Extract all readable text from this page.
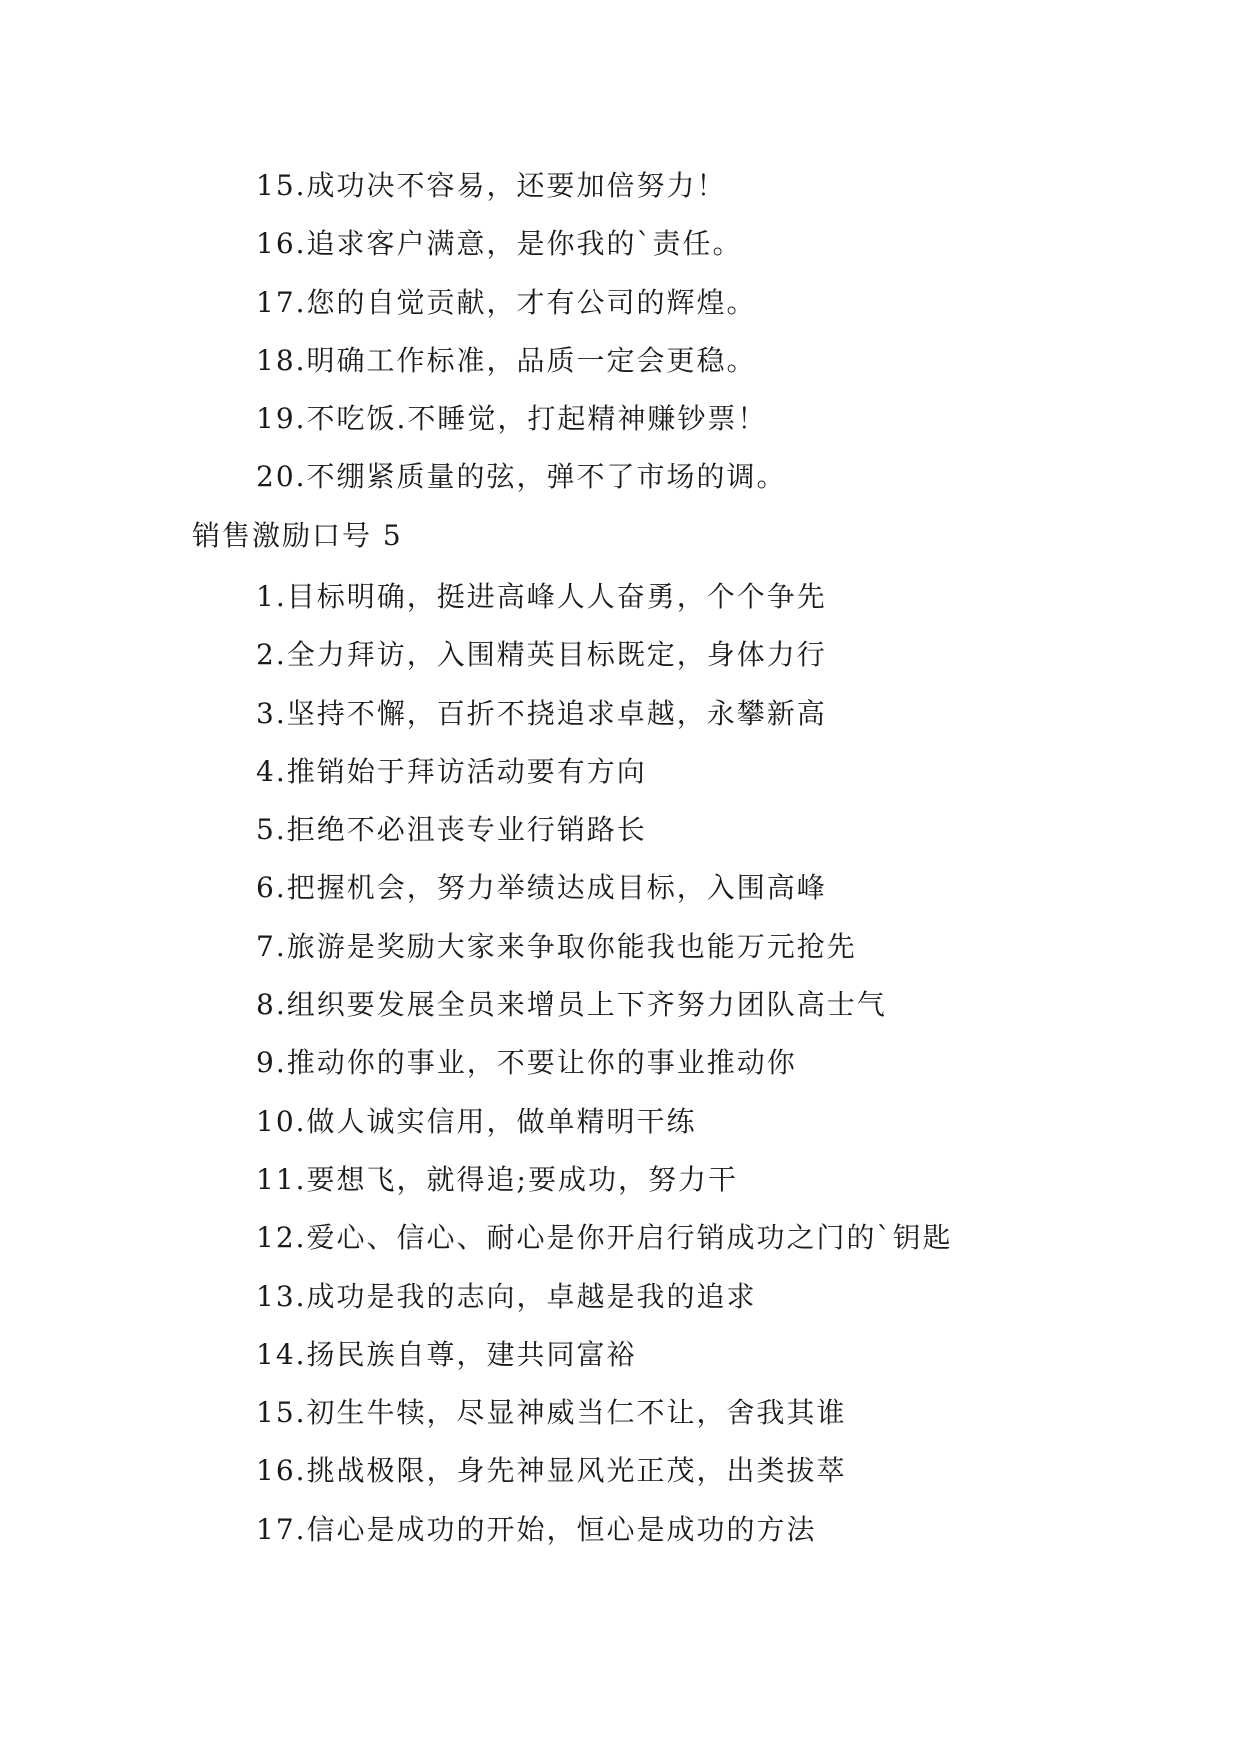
15.成功决不容易，还要加倍努力！
16.追求客户满意，是你我的`责任。
17.您的自觉贡献，才有公司的辉煌。
18.明确工作标准，品质一定会更稳。
19.不吃饭.不睡觉，打起精神赚钞票！
20.不绷紧质量的弦，弹不了市场的调。
销售激励口号 5
1.目标明确，挺进高峰人人奋勇，个个争先
2.全力拜访，入围精英目标既定，身体力行
3.坚持不懈，百折不挠追求卓越，永攀新高
4.推销始于拜访活动要有方向
5.拒绝不必沮丧专业行销路长
6.把握机会，努力举绩达成目标，入围高峰
7.旅游是奖励大家来争取你能我也能万元抢先
8.组织要发展全员来增员上下齐努力团队高士气
9.推动你的事业，不要让你的事业推动你
10.做人诚实信用，做单精明干练
11.要想飞，就得追;要成功，努力干
12.爱心、信心、耐心是你开启行销成功之门的`钥匙
13.成功是我的志向，卓越是我的追求
14.扬民族自尊，建共同富裕
15.初生牛犊，尽显神威当仁不让，舍我其谁
16.挑战极限，身先神显风光正茂，出类拔萃
17.信心是成功的开始，恒心是成功的方法
